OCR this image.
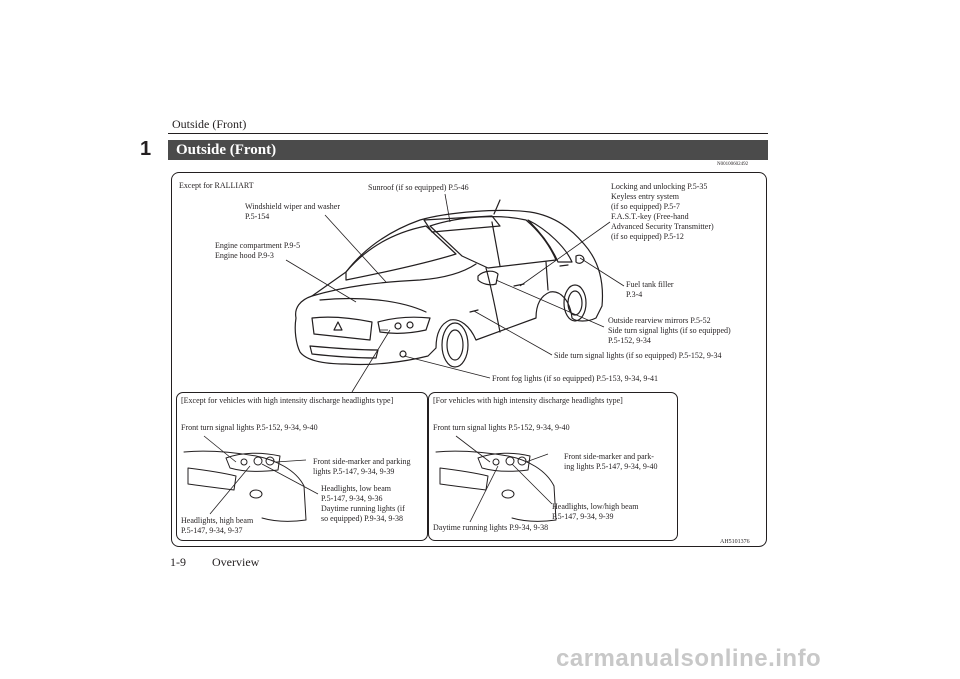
Outside (Front)
1	Outside (Front)
N00100602492
Except for RALLIART	Sunroof (if so equipped) P.5-46
Windshield wiper and washer
P.5-154
Engine compartment P.9-5
Engine hood P.9-3
Locking and unlocking P.5-35
Keyless entry system
(if so equipped) P.5-7
F.A.S.T.-key (Free-hand
Advanced Security Transmitter)
(if so equipped) P.5-12
Fuel tank filler
P.3-4
Outside rearview mirrors P.5-52
Side turn signal lights (if so equipped)
P.5-152, 9-34
Side turn signal lights (if so equipped) P.5-152, 9-34
Front fog lights (if so equipped) P.5-153, 9-34, 9-41
[Except for vehicles with high intensity discharge headlights type]
Front turn signal lights P.5-152, 9-34, 9-40
Front side-marker and parking
lights P.5-147, 9-34, 9-39
Headlights, low beam
P.5-147, 9-34, 9-36
Daytime running lights (if
so equipped) P.9-34, 9-38
Headlights, high beam
P.5-147, 9-34, 9-37
[For vehicles with high intensity discharge headlights type]
Front turn signal lights P.5-152, 9-34, 9-40
Front side-marker and park-
ing lights P.5-147, 9-34, 9-40
Headlights, low/high beam
P.5-147, 9-34, 9-39
Daytime running lights P.9-34, 9-38
AH5101376
1-9 Overview
carmanualsonline.info
